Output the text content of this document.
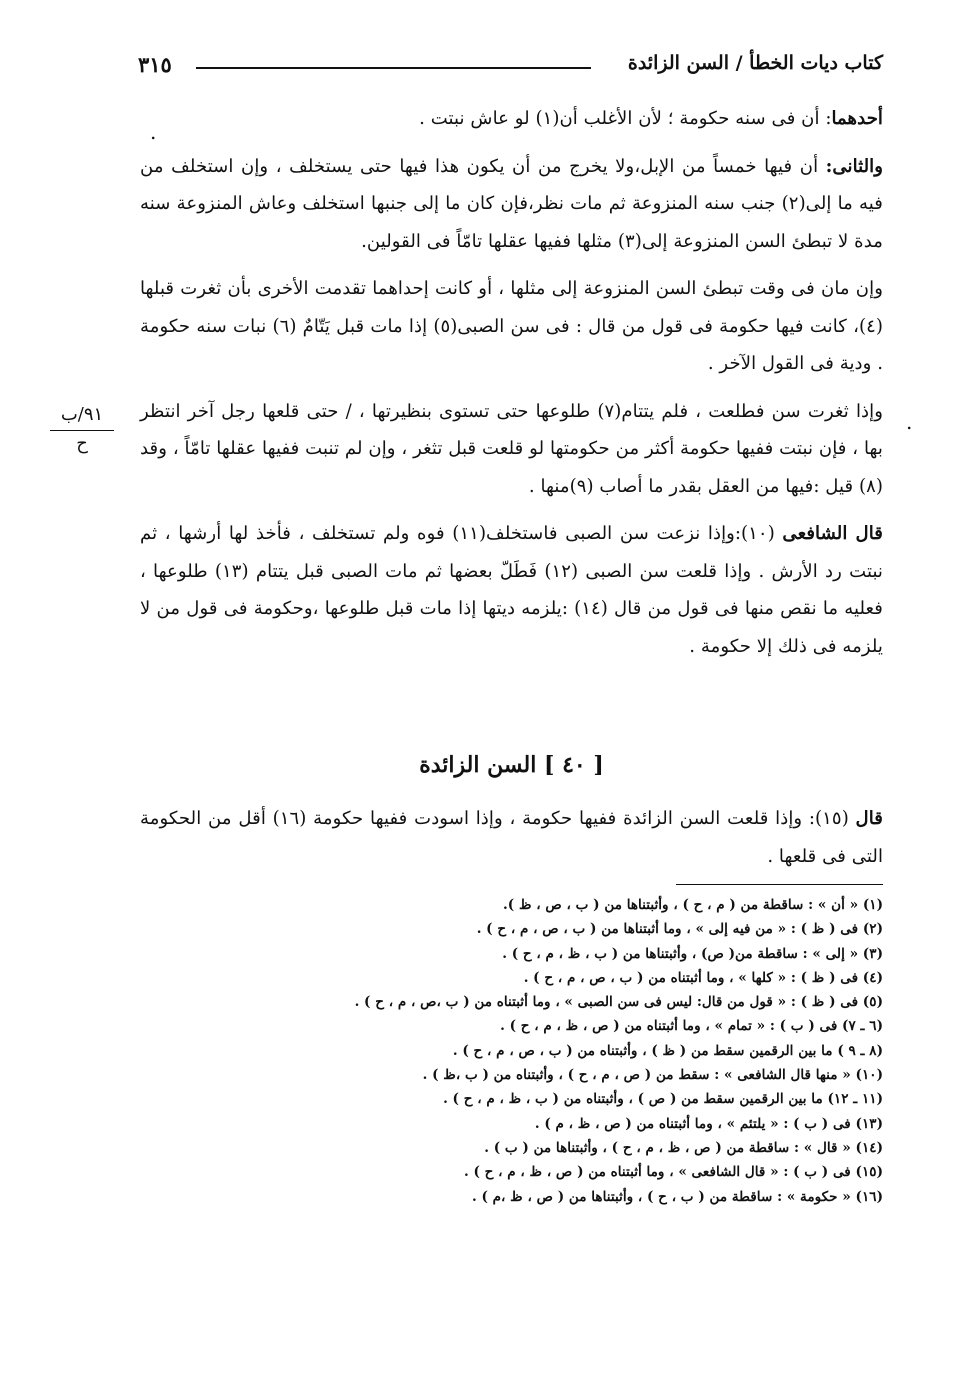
كتاب ديات الخطأ / السن الزائدة
٣١٥
.
.
٩١/ب
ح

أحدهما: أن فى سنه حكومة ؛ لأن الأغلب أن(١) لو عاش نبتت .

والثانى: أن فيها خمساً من الإبل،ولا يخرج من أن يكون هذا فيها حتى يستخلف ، وإن استخلف من فيه ما إلى(٢) جنب سنه المنزوعة ثم مات نظر،فإن كان ما إلى جنبها استخلف وعاش المنزوعة سنه مدة لا تبطئ السن المنزوعة إلى(٣) مثلها ففيها عقلها تامّاً فى القولين.

وإن مان فى وقت تبطئ السن المنزوعة إلى مثلها ، أو كانت إحداهما تقدمت الأخرى بأن ثغرت قبلها (٤)، كانت فيها حكومة فى قول من قال : فى سن الصبى(٥) إذا مات قبل يَتّامٌ (٦) نبات سنه حكومة . ودية فى القول الآخر .

وإذا ثغرت سن فطلعت ، فلم يتتام(٧) طلوعها حتى تستوى بنظيرتها ، / حتى قلعها رجل آخر انتظر بها ، فإن نبتت ففيها حكومة أكثر من حكومتها لو قلعت قبل تثغر ، وإن لم تنبت ففيها عقلها تامّاً ، وقد (٨) قيل :فيها من العقل بقدر ما أصاب (٩)منها .

قال الشافعى (١٠):وإذا نزعت سن الصبى فاستخلف(١١) فوه ولم تستخلف ، فأخذ لها أرشها ، ثم نبتت رد الأرش . وإذا قلعت سن الصبى (١٢) فَطَلّ بعضها ثم مات الصبى قبل يتتام (١٣) طلوعها ، فعليه ما نقص منها فى قول من قال (١٤) :يلزمه ديتها إذا مات قبل طلوعها ،وحكومة فى قول من لا يلزمه فى ذلك إلا حكومة .

[ ٤٠ ] السن الزائدة

قال (١٥): وإذا قلعت السن الزائدة ففيها حكومة ، وإذا اسودت ففيها حكومة (١٦) أقل من الحكومة التى فى قلعها .

(١) « أن » : ساقطة من ( م ، ح ) ، وأثبتناها من ( ب ، ص ، ظ ).
(٢) فى ( ظ ) : « من فيه إلى » ، وما أثبتناها من ( ب ، ص ، م ، ح ) .
(٣) « إلى » : ساقطة من( ص) ، وأثبتناها من ( ب ، ظ ، م ، ح ) .
(٤) فى ( ظ ) : « كلها » ، وما أثبتناه من ( ب ، ص ، م ، ح ) .
(٥) فى ( ظ ) : « قول من قال: ليس فى سن الصبى » ، وما أثبتناه من ( ب ،ص ، م ، ح ) .
(٦ ـ ٧) فى ( ب ) : « تمام » ، وما أثبتناه من ( ص ، ظ ، م ، ح ) .
(٨ ـ ٩ ) ما بين الرقمين سقط من ( ظ ) ، وأثبتناه من ( ب ، ص ، م ، ح ) .
(١٠) « منها قال الشافعى » : سقط من ( ص ، م ، ح ) ، وأثبتناه من ( ب ،ظ ) .
(١١ ـ ١٢) ما بين الرقمين سقط من ( ص ) ، وأثبتناه من ( ب ، ظ ، م ، ح ) .
(١٣) فى ( ب ) : « يلتئم » ، وما أثبتناه من ( ص ، ظ ، م ) .
(١٤) « قال » : ساقطة من ( ص ، ظ ، م ، ح ) ، وأثبتناها من ( ب ) .
(١٥) فى ( ب ) : « قال الشافعى » ، وما أثبتناه من ( ص ، ظ ، م ، ح ) .
(١٦) « حكومة » : ساقطة من ( ب ، ح ) ، وأثبتناها من ( ص ، ظ ،م ) .
